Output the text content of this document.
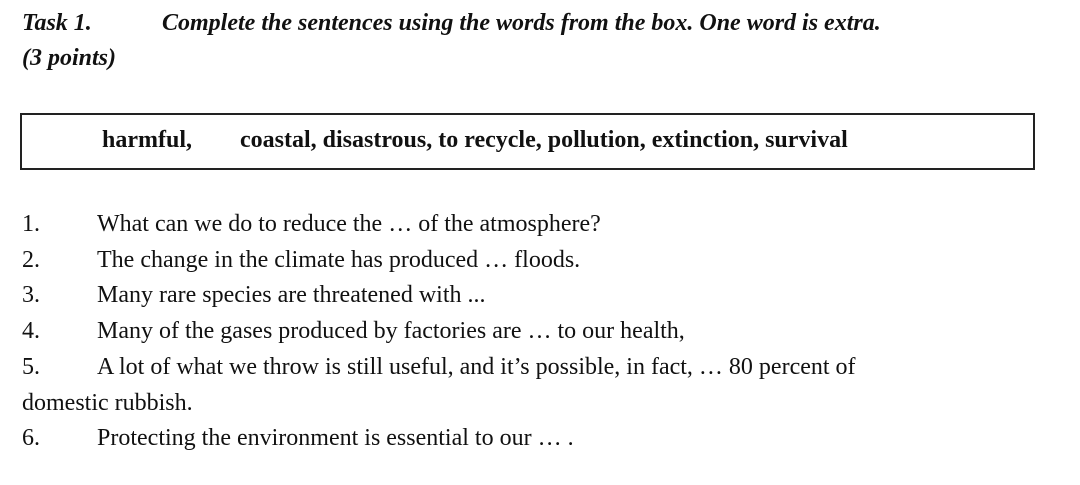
Task 1.	Complete the sentences using the words from the box. One word is extra.
(3 points)
harmful, coastal, disastrous, to recycle, pollution, extinction, survival
1. What can we do to reduce the … of the atmosphere?
2. The change in the climate has produced … floods.
3. Many rare species are threatened with ...
4. Many of the gases produced by factories are … to our health,
5. A lot of what we throw is still useful, and it’s possible, in fact, … 80 percent of
domestic rubbish.
6. Protecting the environment is essential to our … .
